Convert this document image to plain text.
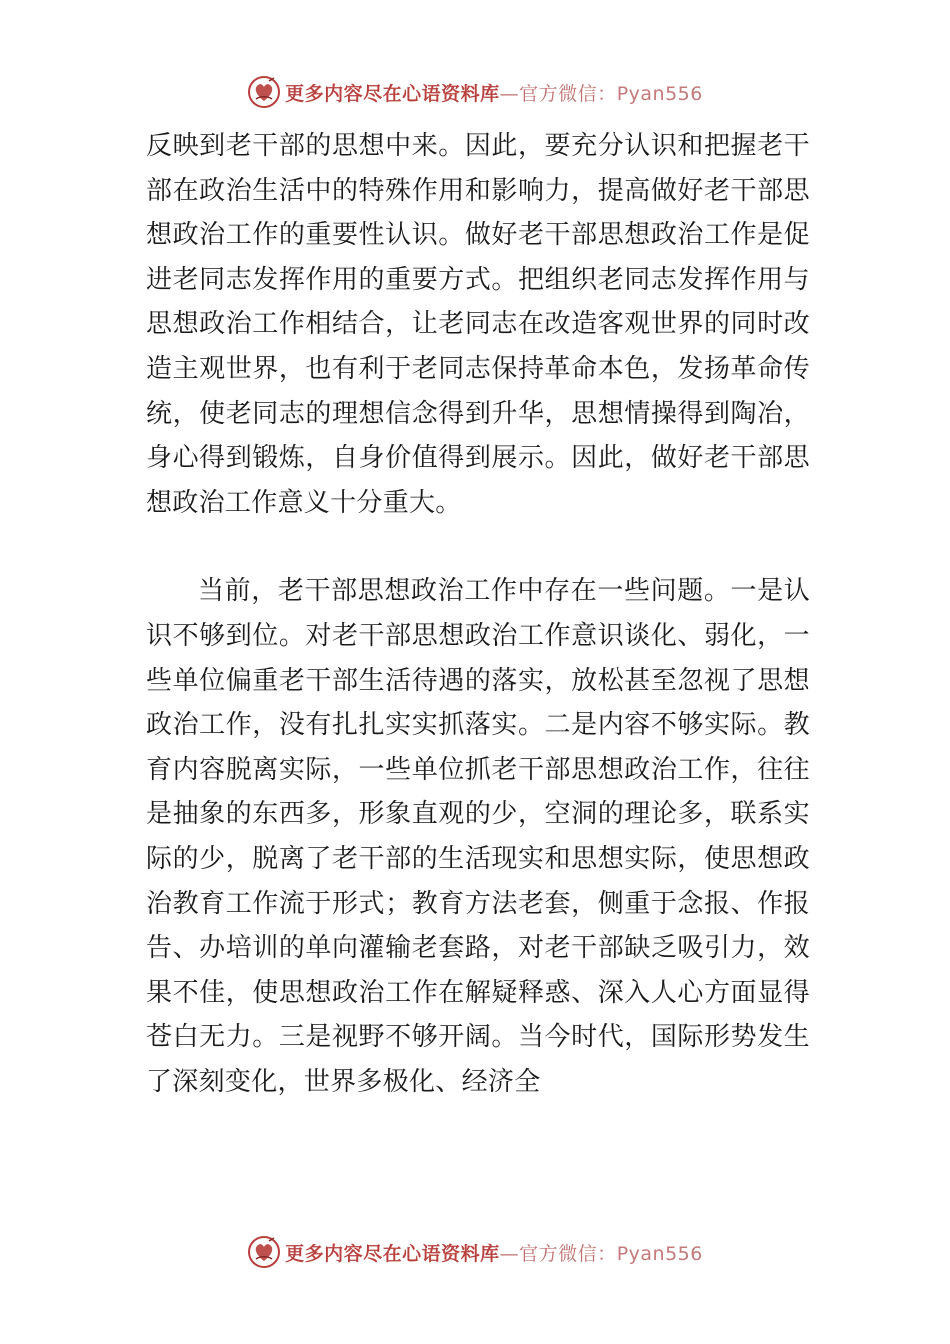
更多内容尽在心语资料库—官方微信：Pyan556

反映到老干部的思想中来。因此，要充分认识和把握老干部在政治生活中的特殊作用和影响力，提高做好老干部思想政治工作的重要性认识。做好老干部思想政治工作是促进老同志发挥作用的重要方式。把组织老同志发挥作用与思想政治工作相结合，让老同志在改造客观世界的同时改造主观世界，也有利于老同志保持革命本色，发扬革命传统，使老同志的理想信念得到升华，思想情操得到陶冶，身心得到锻炼，自身价值得到展示。因此，做好老干部思想政治工作意义十分重大。

当前，老干部思想政治工作中存在一些问题。一是认识不够到位。对老干部思想政治工作意识谈化、弱化，一些单位偏重老干部生活待遇的落实，放松甚至忽视了思想政治工作，没有扎扎实实抓落实。二是内容不够实际。教育内容脱离实际，一些单位抓老干部思想政治工作，往往是抽象的东西多，形象直观的少，空洞的理论多，联系实际的少，脱离了老干部的生活现实和思想实际，使思想政治教育工作流于形式；教育方法老套，侧重于念报、作报告、办培训的单向灌输老套路，对老干部缺乏吸引力，效果不佳，使思想政治工作在解疑释惑、深入人心方面显得苍白无力。三是视野不够开阔。当今时代，国际形势发生了深刻变化，世界多极化、经济全

更多内容尽在心语资料库—官方微信：Pyan556
